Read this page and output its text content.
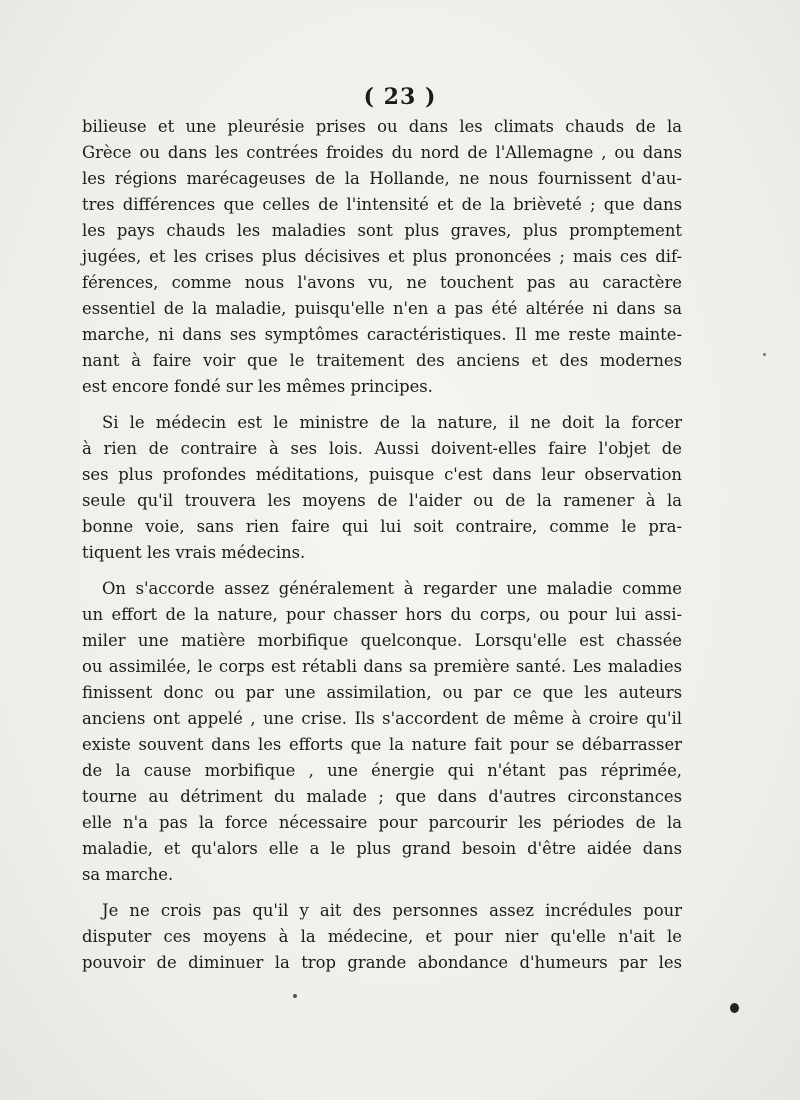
( 23 )
bilieuse et une pleurésie prises ou dans les climats chauds de la
Grèce ou dans les contrées froides du nord de l'Allemagne , ou dans
les régions marécageuses de la Hollande, ne nous fournissent d'au-
tres différences que celles de l'intensité et de la brièveté ; que dans
les pays chauds les maladies sont plus graves, plus promptement
jugées, et les crises plus décisives et plus prononcées ; mais ces dif-
férences, comme nous l'avons vu, ne touchent pas au caractère
essentiel de la maladie, puisqu'elle n'en a pas été altérée ni dans sa
marche, ni dans ses symptômes caractéristiques. Il me reste mainte-
nant à faire voir que le traitement des anciens et des modernes
est encore fondé sur les mêmes principes.
Si le médecin est le ministre de la nature, il ne doit la forcer
à rien de contraire à ses lois. Aussi doivent-elles faire l'objet de
ses plus profondes méditations, puisque c'est dans leur observation
seule qu'il trouvera les moyens de l'aider ou de la ramener à la
bonne voie, sans rien faire qui lui soit contraire, comme le pra-
tiquent les vrais médecins.
On s'accorde assez généralement à regarder une maladie comme
un effort de la nature, pour chasser hors du corps, ou pour lui assi-
miler une matière morbifique quelconque. Lorsqu'elle est chassée
ou assimilée, le corps est rétabli dans sa première santé. Les maladies
finissent donc ou par une assimilation, ou par ce que les auteurs
anciens ont appelé , une crise. Ils s'accordent de même à croire qu'il
existe souvent dans les efforts que la nature fait pour se débarrasser
de la cause morbifique , une énergie qui n'étant pas réprimée,
tourne au détriment du malade ; que dans d'autres circonstances
elle n'a pas la force nécessaire pour parcourir les périodes de la
maladie, et qu'alors elle a le plus grand besoin d'être aidée dans
sa marche.
Je ne crois pas qu'il y ait des personnes assez incrédules pour
disputer ces moyens à la médecine, et pour nier qu'elle n'ait le
pouvoir de diminuer la trop grande abondance d'humeurs par les
